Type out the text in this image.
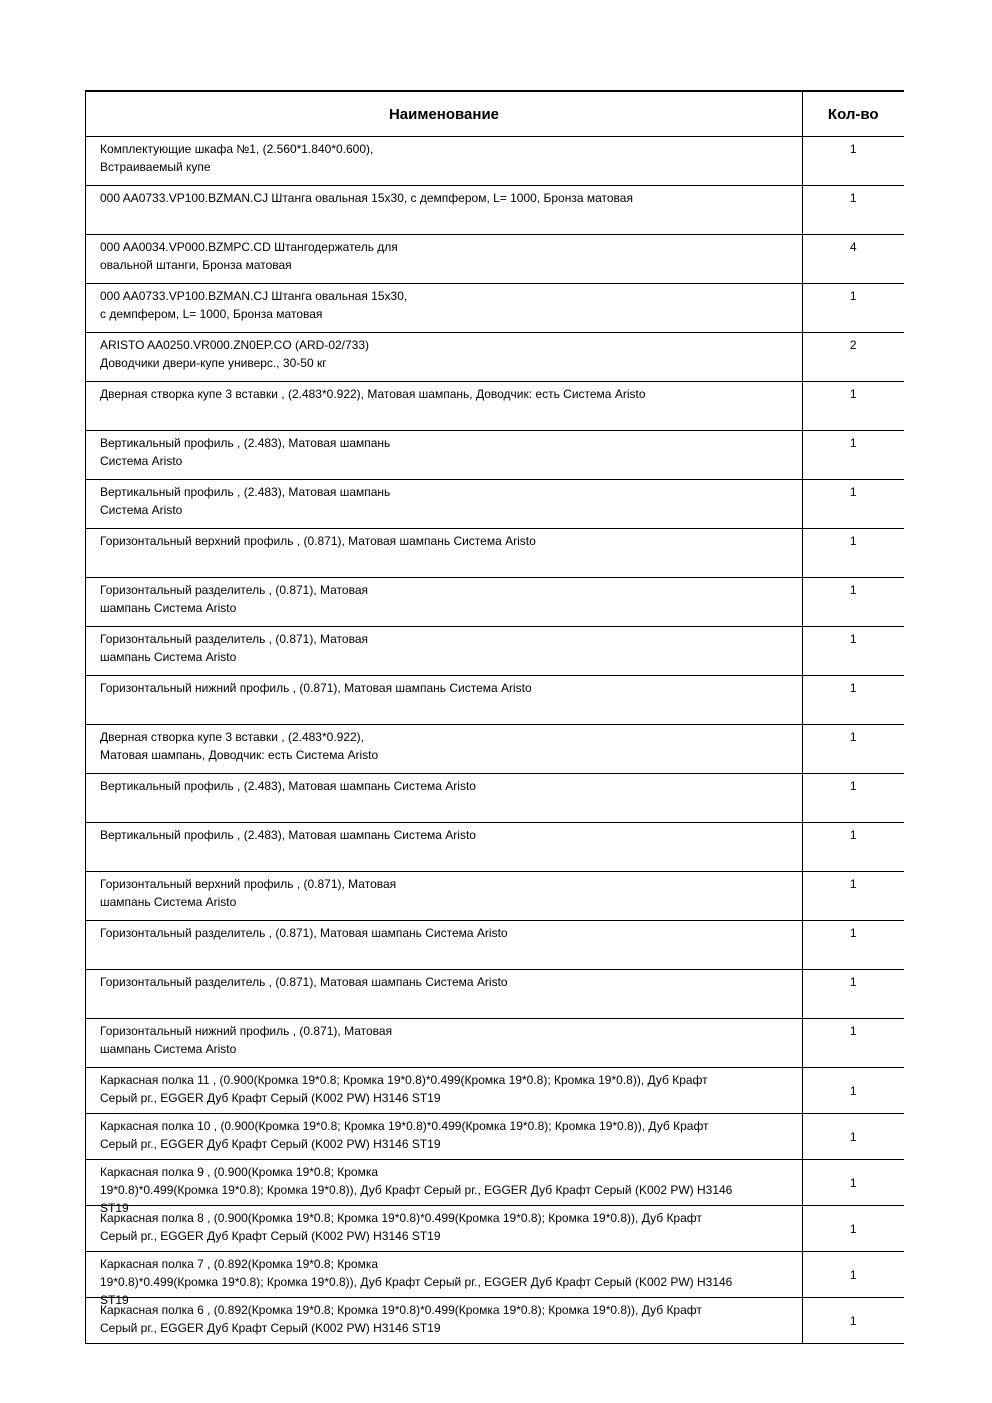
Наименование	Кол-во

Комплектующие шкафа №1, (2.560*1.840*0.600),
Встраиваемый купе	1

000 AA0733.VP100.BZMAN.CJ Штанга овальная 15х30, с демпфером, L= 1000, Бронза матовая	1

000 AA0034.VP000.BZMPC.CD Штангодержатель для
овальной штанги, Бронза матовая	4

000 AA0733.VP100.BZMAN.CJ Штанга овальная 15х30,
с демпфером, L= 1000, Бронза матовая	1

ARISTO AA0250.VR000.ZN0EP.CO (ARD-02/733)
Доводчики двери-купе универс., 30-50 кг	2

Дверная створка купе 3 вставки , (2.483*0.922), Матовая шампань, Доводчик: есть Система Aristo	1

Вертикальный профиль , (2.483), Матовая шампань
Система Aristo	1

Вертикальный профиль , (2.483), Матовая шампань
Система Aristo	1

Горизонтальный верхний профиль , (0.871), Матовая шампань Система Aristo	1

Горизонтальный разделитель , (0.871), Матовая
шампань Система Aristo	1

Горизонтальный разделитель , (0.871), Матовая
шампань Система Aristo	1

Горизонтальный нижний профиль , (0.871), Матовая шампань Система Aristo	1

Дверная створка купе 3 вставки , (2.483*0.922),
Матовая шампань, Доводчик: есть Система Aristo	1

Вертикальный профиль , (2.483), Матовая шампань Система Aristo	1

Вертикальный профиль , (2.483), Матовая шампань Система Aristo	1

Горизонтальный верхний профиль , (0.871), Матовая
шампань Система Aristo	1

Горизонтальный разделитель , (0.871), Матовая шампань Система Aristo	1

Горизонтальный разделитель , (0.871), Матовая шампань Система Aristo	1

Горизонтальный нижний профиль , (0.871), Матовая
шампань Система Aristo	1

Каркасная полка 11 , (0.900(Кромка 19*0.8; Кромка 19*0.8)*0.499(Кромка 19*0.8); Кромка 19*0.8)), Дуб Крафт
Серый рг., EGGER Дуб Крафт Серый (K002 PW) H3146 ST19	1

Каркасная полка 10 , (0.900(Кромка 19*0.8; Кромка 19*0.8)*0.499(Кромка 19*0.8); Кромка 19*0.8)), Дуб Крафт
Серый рг., EGGER Дуб Крафт Серый (K002 PW) H3146 ST19	1

Каркасная полка 9 , (0.900(Кромка 19*0.8; Кромка
19*0.8)*0.499(Кромка 19*0.8); Кромка 19*0.8)), Дуб Крафт Серый рг., EGGER Дуб Крафт Серый (K002 PW) H3146
ST19	1

Каркасная полка 8 , (0.900(Кромка 19*0.8; Кромка 19*0.8)*0.499(Кромка 19*0.8); Кромка 19*0.8)), Дуб Крафт
Серый рг., EGGER Дуб Крафт Серый (K002 PW) H3146 ST19	1

Каркасная полка 7 , (0.892(Кромка 19*0.8; Кромка
19*0.8)*0.499(Кромка 19*0.8); Кромка 19*0.8)), Дуб Крафт Серый рг., EGGER Дуб Крафт Серый (K002 PW) H3146
ST19	1

Каркасная полка 6 , (0.892(Кромка 19*0.8; Кромка 19*0.8)*0.499(Кромка 19*0.8); Кромка 19*0.8)), Дуб Крафт
Серый рг., EGGER Дуб Крафт Серый (K002 PW) H3146 ST19	1
